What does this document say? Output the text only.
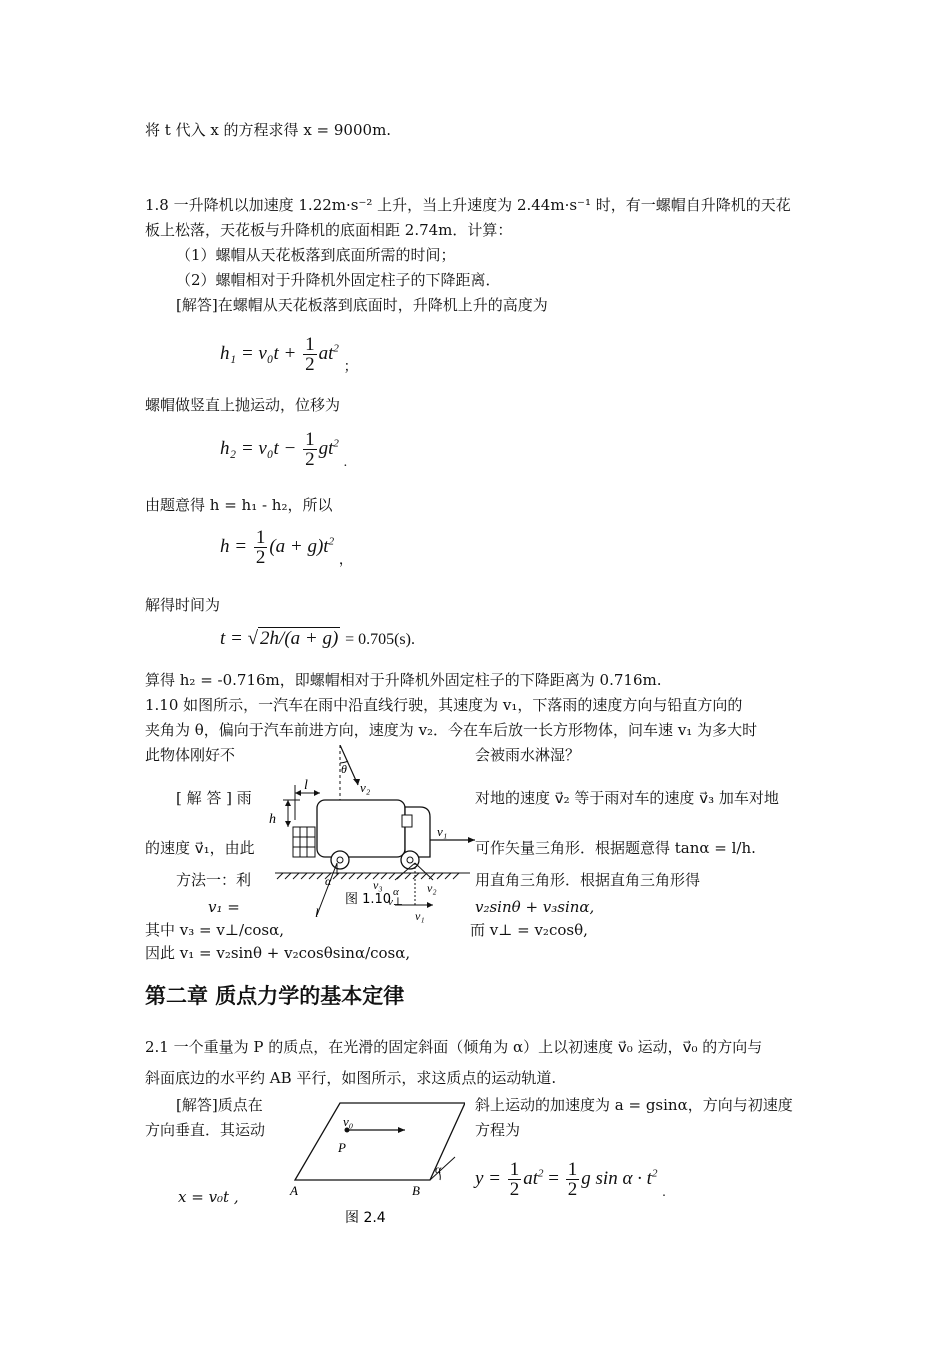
将 t 代入 x 的方程求得 x = 9000m.
1.8 一升降机以加速度 1.22m·s⁻² 上升，当上升速度为 2.44m·s⁻¹ 时，有一螺帽自升降机的天花
板上松落，天花板与升降机的底面相距 2.74m．计算：
（1）螺帽从天花板落到底面所需的时间；
（2）螺帽相对于升降机外固定柱子的下降距离．
[解答]在螺帽从天花板落到底面时，升降机上升的高度为
$h_1 = v_0t + \frac{1}{2} at^2$ $_;$
螺帽做竖直上抛运动，位移为
$h_2 = v_0t - \frac{1}{2} gt^2$ $_.$
由题意得 h = h₁ - h₂，所以
$h = \frac{1}{2} (a + g)t^2$ $_,$
解得时间为
t = √ 2h/(a + g) = 0.705(s).
算得 h₂ = -0.716m，即螺帽相对于升降机外固定柱子的下降距离为 0.716m.
1.10 如图所示，一汽车在雨中沿直线行驶，其速度为 v₁，下落雨的速度方向与铅直方向的
夹角为 θ，偏向于汽车前进方向，速度为 v₂．今在车后放一长方形物体，问车速 v₁ 为多大时
此物体刚好不	会被雨水淋湿？
[ 解 答 ] 雨	对地的速度 v⃗₂ 等于雨对车的速度 v⃗₃ 加车对地
的速度 v⃗₁，由此	可作矢量三角形．根据题意得 tanα = l/h.
方法一：利	用直角三角形．根据直角三角形得
v₁ =	v₂sinθ + v₃sinα,
其中 v₃ = v⊥/cosα,	而 v⊥ = v₂cosθ,
因此 v₁ = v₂sinθ + v₂cosθsinα/cosα,
θ
v₂
l
h
v₁
α
l	v₁
v₂
v₃ α
v⊥
图 1.10
第二章 质点力学的基本定律
2.1 一个重量为 P 的质点，在光滑的固定斜面（倾角为 α）上以初速度 v⃗₀ 运动，v⃗₀ 的方向与
斜面底边的水平约 AB 平行，如图所示，求这质点的运动轨道.
[解答]质点在	斜上运动的加速度为 a = gsinα，方向与初速度
方向垂直．其运动	方程为
x = v₀t ,
$y = \frac{1}{2} at^2 = \frac{1}{2}$ g $\sin \alpha \cdot t^2$ $_.$
v₀
P
α
A	B
图 2.4
